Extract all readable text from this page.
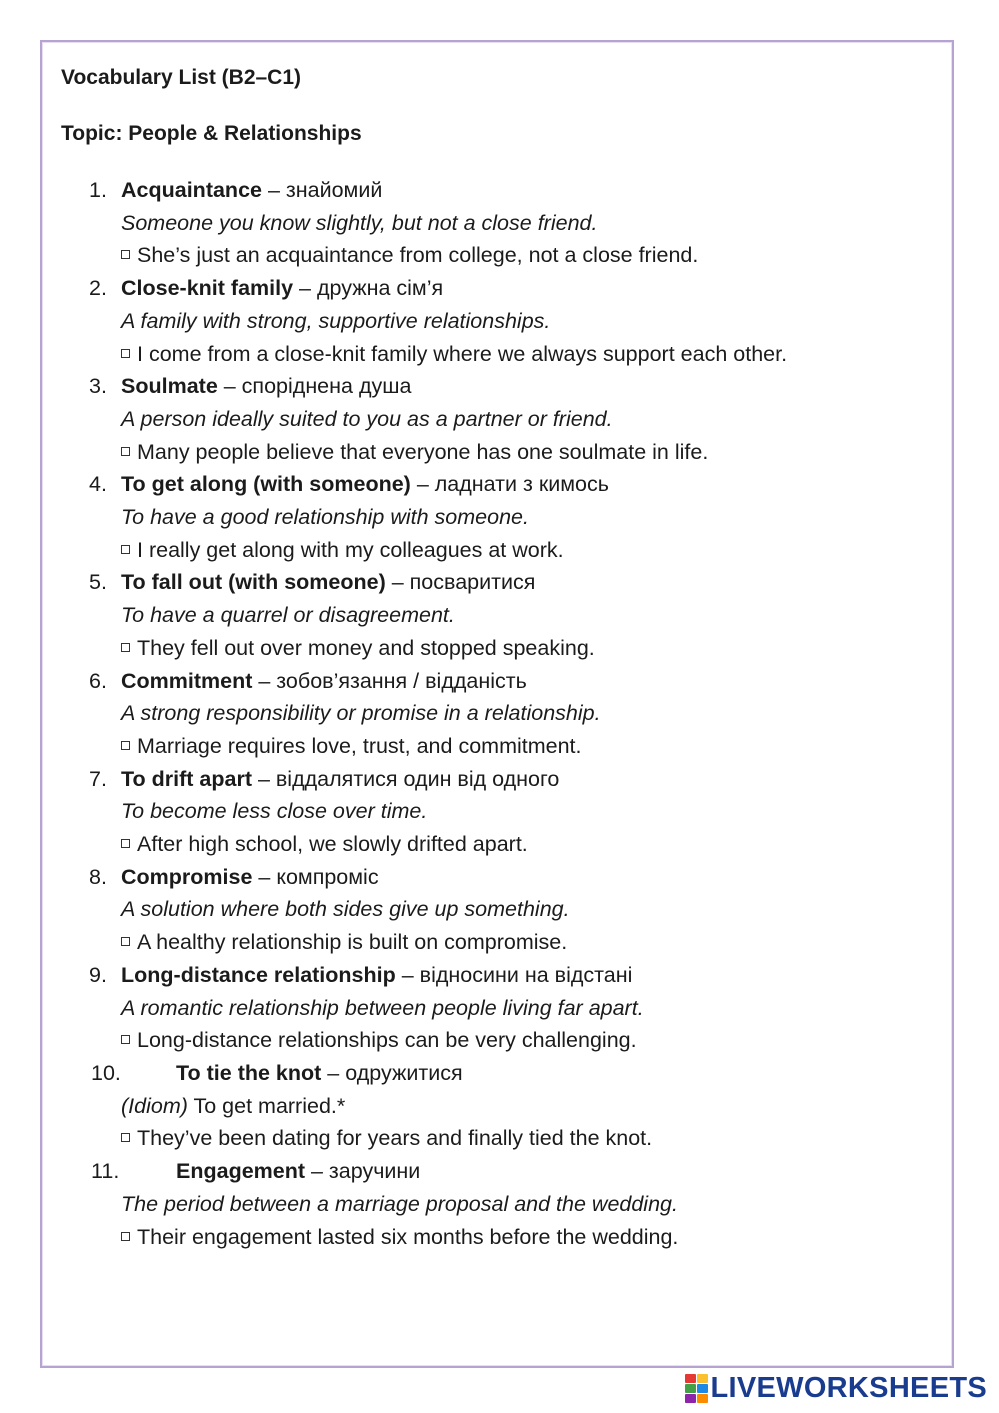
Vocabulary List (B2–C1)

Topic: People & Relationships

1. Acquaintance – знайомий
Someone you know slightly, but not a close friend.
She’s just an acquaintance from college, not a close friend.
2. Close-knit family – дружна сім’я
A family with strong, supportive relationships.
I come from a close-knit family where we always support each other.
3. Soulmate – споріднена душа
A person ideally suited to you as a partner or friend.
Many people believe that everyone has one soulmate in life.
4. To get along (with someone) – ладнати з кимось
To have a good relationship with someone.
I really get along with my colleagues at work.
5. To fall out (with someone) – посваритися
To have a quarrel or disagreement.
They fell out over money and stopped speaking.
6. Commitment – зобов’язання / відданість
A strong responsibility or promise in a relationship.
Marriage requires love, trust, and commitment.
7. To drift apart – віддалятися один від одного
To become less close over time.
After high school, we slowly drifted apart.
8. Compromise – компроміс
A solution where both sides give up something.
A healthy relationship is built on compromise.
9. Long-distance relationship – відносини на відстані
A romantic relationship between people living far apart.
Long-distance relationships can be very challenging.
10.	To tie the knot – одружитися
(Idiom) To get married.*
They’ve been dating for years and finally tied the knot.
11.	Engagement – заручини
The period between a marriage proposal and the wedding.
Their engagement lasted six months before the wedding.
LIVEWORKSHEETS
